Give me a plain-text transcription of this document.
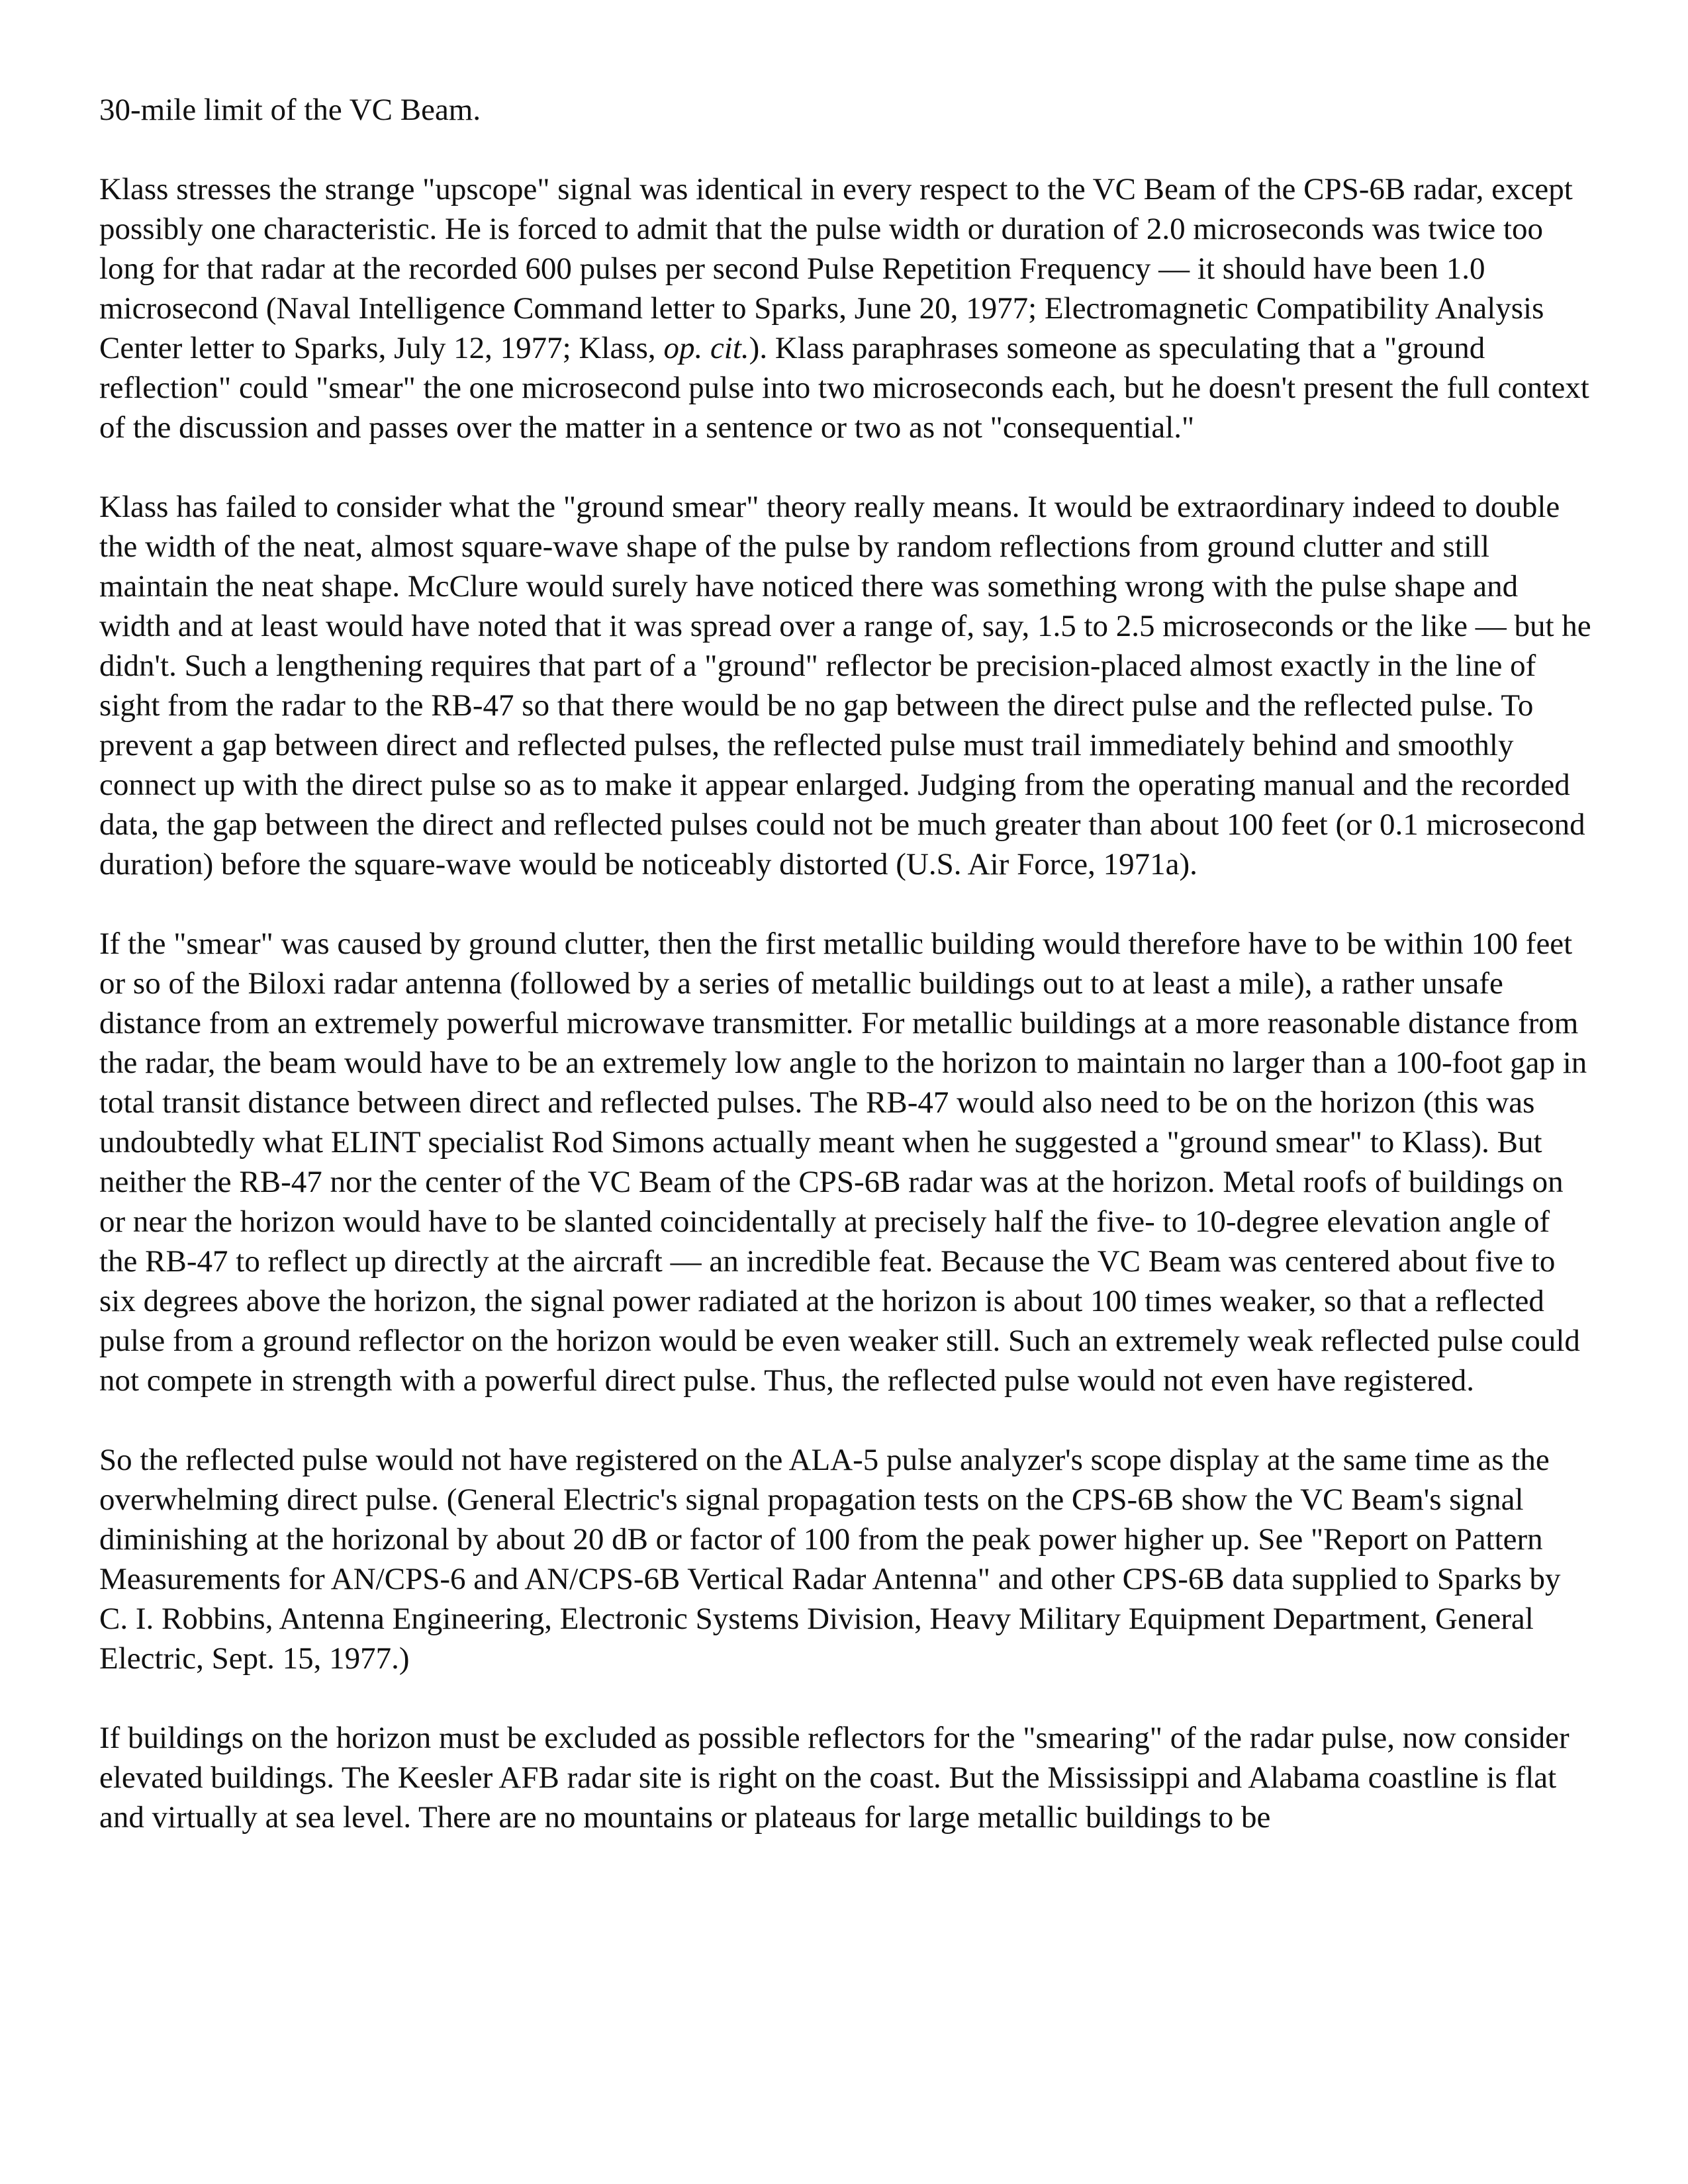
30-mile limit of the VC Beam.

Klass stresses the strange "upscope" signal was identical in every respect to the VC Beam of the CPS-6B radar, except possibly one characteristic. He is forced to admit that the pulse width or duration of 2.0 microseconds was twice too long for that radar at the recorded 600 pulses per second Pulse Repetition Frequency — it should have been 1.0 microsecond (Naval Intelligence Command letter to Sparks, June 20, 1977; Electromagnetic Compatibility Analysis Center letter to Sparks, July 12, 1977; Klass, op. cit.). Klass paraphrases someone as speculating that a "ground reflection" could "smear" the one microsecond pulse into two microseconds each, but he doesn't present the full context of the discussion and passes over the matter in a sentence or two as not "consequential."

Klass has failed to consider what the "ground smear" theory really means. It would be extraordinary indeed to double the width of the neat, almost square-wave shape of the pulse by random reflections from ground clutter and still maintain the neat shape. McClure would surely have noticed there was something wrong with the pulse shape and width and at least would have noted that it was spread over a range of, say, 1.5 to 2.5 microseconds or the like — but he didn't. Such a lengthening requires that part of a "ground" reflector be precision-placed almost exactly in the line of sight from the radar to the RB-47 so that there would be no gap between the direct pulse and the reflected pulse. To prevent a gap between direct and reflected pulses, the reflected pulse must trail immediately behind and smoothly connect up with the direct pulse so as to make it appear enlarged. Judging from the operating manual and the recorded data, the gap between the direct and reflected pulses could not be much greater than about 100 feet (or 0.1 microsecond duration) before the square-wave would be noticeably distorted (U.S. Air Force, 1971a).

If the "smear" was caused by ground clutter, then the first metallic building would therefore have to be within 100 feet or so of the Biloxi radar antenna (followed by a series of metallic buildings out to at least a mile), a rather unsafe distance from an extremely powerful microwave transmitter. For metallic buildings at a more reasonable distance from the radar, the beam would have to be an extremely low angle to the horizon to maintain no larger than a 100-foot gap in total transit distance between direct and reflected pulses. The RB-47 would also need to be on the horizon (this was undoubtedly what ELINT specialist Rod Simons actually meant when he suggested a "ground smear" to Klass). But neither the RB-47 nor the center of the VC Beam of the CPS-6B radar was at the horizon. Metal roofs of buildings on or near the horizon would have to be slanted coincidentally at precisely half the five- to 10-degree elevation angle of the RB-47 to reflect up directly at the aircraft — an incredible feat. Because the VC Beam was centered about five to six degrees above the horizon, the signal power radiated at the horizon is about 100 times weaker, so that a reflected pulse from a ground reflector on the horizon would be even weaker still. Such an extremely weak reflected pulse could not compete in strength with a powerful direct pulse. Thus, the reflected pulse would not even have registered.

So the reflected pulse would not have registered on the ALA-5 pulse analyzer's scope display at the same time as the overwhelming direct pulse. (General Electric's signal propagation tests on the CPS-6B show the VC Beam's signal diminishing at the horizonal by about 20 dB or factor of 100 from the peak power higher up. See "Report on Pattern Measurements for AN/CPS-6 and AN/CPS-6B Vertical Radar Antenna" and other CPS-6B data supplied to Sparks by C. I. Robbins, Antenna Engineering, Electronic Systems Division, Heavy Military Equipment Department, General Electric, Sept. 15, 1977.)

If buildings on the horizon must be excluded as possible reflectors for the "smearing" of the radar pulse, now consider elevated buildings. The Keesler AFB radar site is right on the coast. But the Mississippi and Alabama coastline is flat and virtually at sea level. There are no mountains or plateaus for large metallic buildings to be
